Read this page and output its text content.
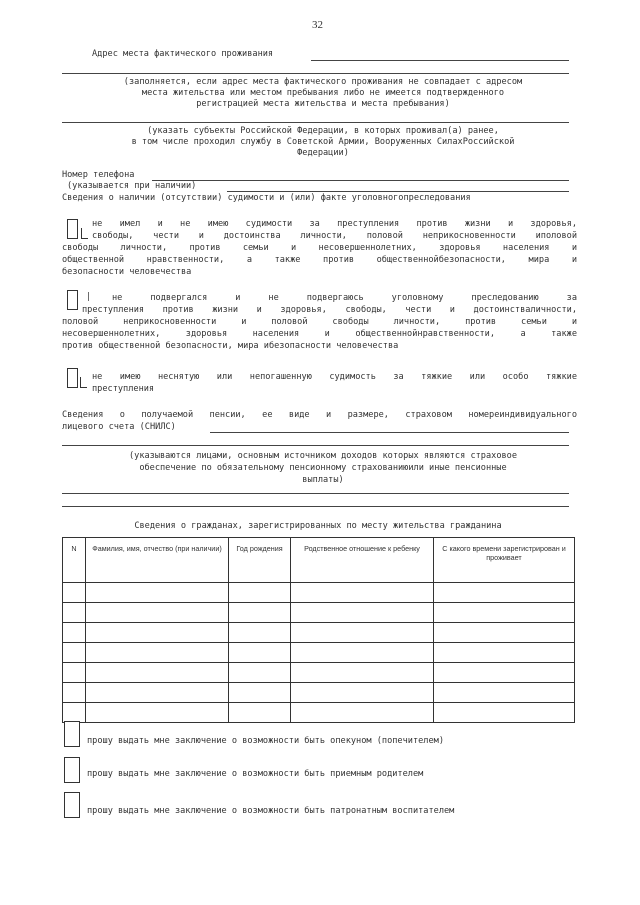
32
Адрес места фактического проживания
(заполняется, если адрес места фактического проживания не совпадает с адресом
места жительства или местом пребывания либо не имеется подтвержденного
регистрацией места жительства и места пребывания)
(указать субъекты Российской Федерации, в которых проживал(а) ранее,
в том числе проходил службу в Советской Армии, Вооруженных СилахРоссийской
Федерации)
Номер телефона
(указывается при наличии)
Сведения о наличии (отсутствии) судимости и (или) факте уголовногопреследования
не имел и не имею судимости за преступления против жизни и здоровья,
свободы, чести и достоинства личности, половой неприкосновенности иполовой
свободы личности, против семьи и несовершеннолетних, здоровья населения и
общественной нравственности, а также против общественнойбезопасности, мира и
безопасности человечества
| не подвергался и не подвергаюсь уголовному преследованию за
преступления против жизни и здоровья, свободы, чести и достоинстваличности,
половой неприкосновенности и половой свободы личности, против семьи и
несовершеннолетних, здоровья населения и общественнойнравственности, а также
против общественной безопасности, мира ибезопасности человечества
не имею неснятую или непогашенную судимость за тяжкие или особо тяжкие
преступления
Сведения о получаемой пенсии, ее виде и размере, страховом номерeиндивидуального
лицевого счета (СНИЛС)
(указываются лицами, основным источником доходов которых являются страховое
обеспечение по обязательному пенсионному страхованиюили иные пенсионные
выплаты)
Сведения о гражданах, зарегистрированных по месту жительства гражданина
N	Фамилия, имя, отчество (при наличии)	Год рождения	Родственное отношение к ребенку	С какого времени зарегистрирован и проживает

прошу выдать мне заключение о возможности быть опекуном (попечителем)
прошу выдать мне заключение о возможности быть приемным родителем
прошу выдать мне заключение о возможности быть патронатным воспитателем
